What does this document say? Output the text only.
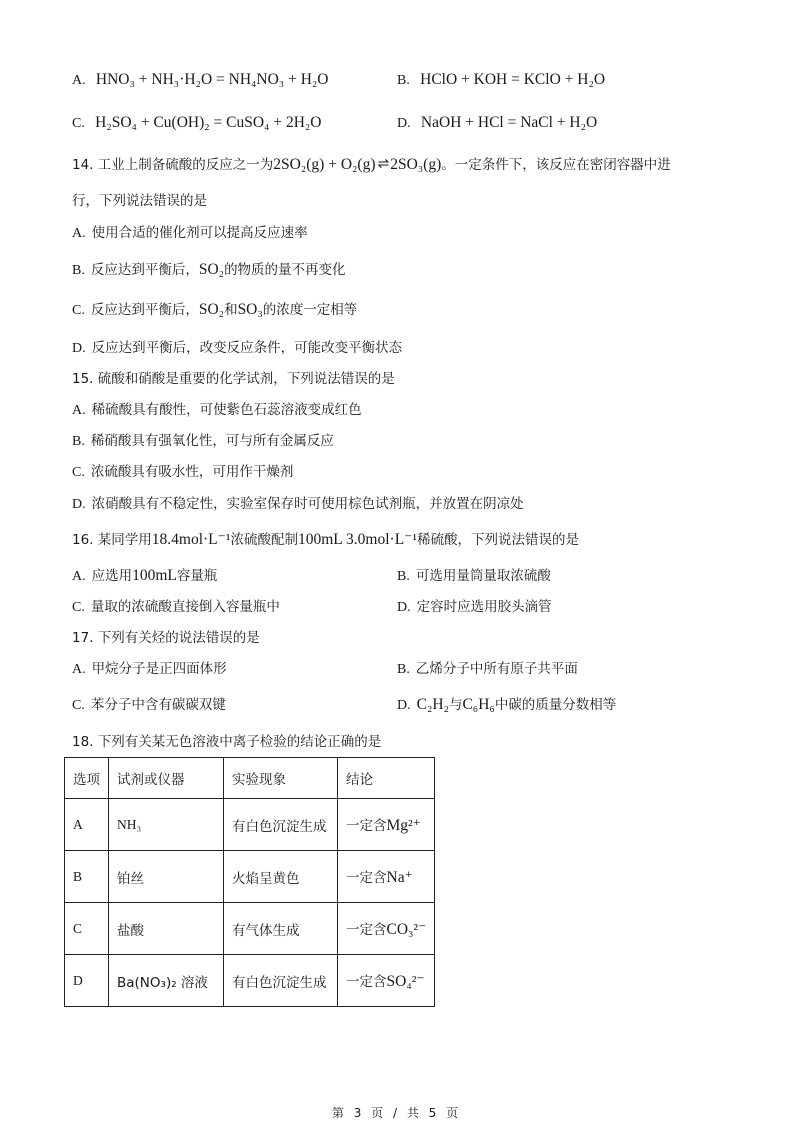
A. HNO₃ + NH₃·H₂O = NH₄NO₃ + H₂O	B. HClO + KOH = KClO + H₂O
C. H₂SO₄ + Cu(OH)₂ = CuSO₄ + 2H₂O	D. NaOH + HCl = NaCl + H₂O
14. 工业上制备硫酸的反应之一为2SO₂(g) + O₂(g) ⇌ 2SO₃(g)。一定条件下，该反应在密闭容器中进
行，下列说法错误的是
A. 使用合适的催化剂可以提高反应速率
B. 反应达到平衡后，SO₂的物质的量不再变化
C. 反应达到平衡后，SO₂和SO₃的浓度一定相等
D. 反应达到平衡后，改变反应条件，可能改变平衡状态
15. 硫酸和硝酸是重要的化学试剂，下列说法错误的是
A. 稀硫酸具有酸性，可使紫色石蕊溶液变成红色
B. 稀硝酸具有强氧化性，可与所有金属反应
C. 浓硫酸具有吸水性，可用作干燥剂
D. 浓硝酸具有不稳定性，实验室保存时可使用棕色试剂瓶，并放置在阴凉处
16. 某同学用18.4mol·L⁻¹浓硫酸配制100mL 3.0mol·L⁻¹稀硫酸，下列说法错误的是
A. 应选用100mL容量瓶	B. 可选用量筒量取浓硫酸
C. 量取的浓硫酸直接倒入容量瓶中	D. 定容时应选用胶头滴管
17. 下列有关烃的说法错误的是
A. 甲烷分子是正四面体形	B. 乙烯分子中所有原子共平面
C. 苯分子中含有碳碳双键	D. C₂H₂与C₆H₆中碳的质量分数相等
18. 下列有关某无色溶液中离子检验的结论正确的是
选项	试剂或仪器	实验现象	结论
A	NH₃	有白色沉淀生成	一定含Mg²⁺
B	铂丝	火焰呈黄色	一定含Na⁺
C	盐酸	有气体生成	一定含CO₃²⁻
D	Ba(NO₃)₂ 溶液	有白色沉淀生成	一定含SO₄²⁻
第 3 页 / 共 5 页
